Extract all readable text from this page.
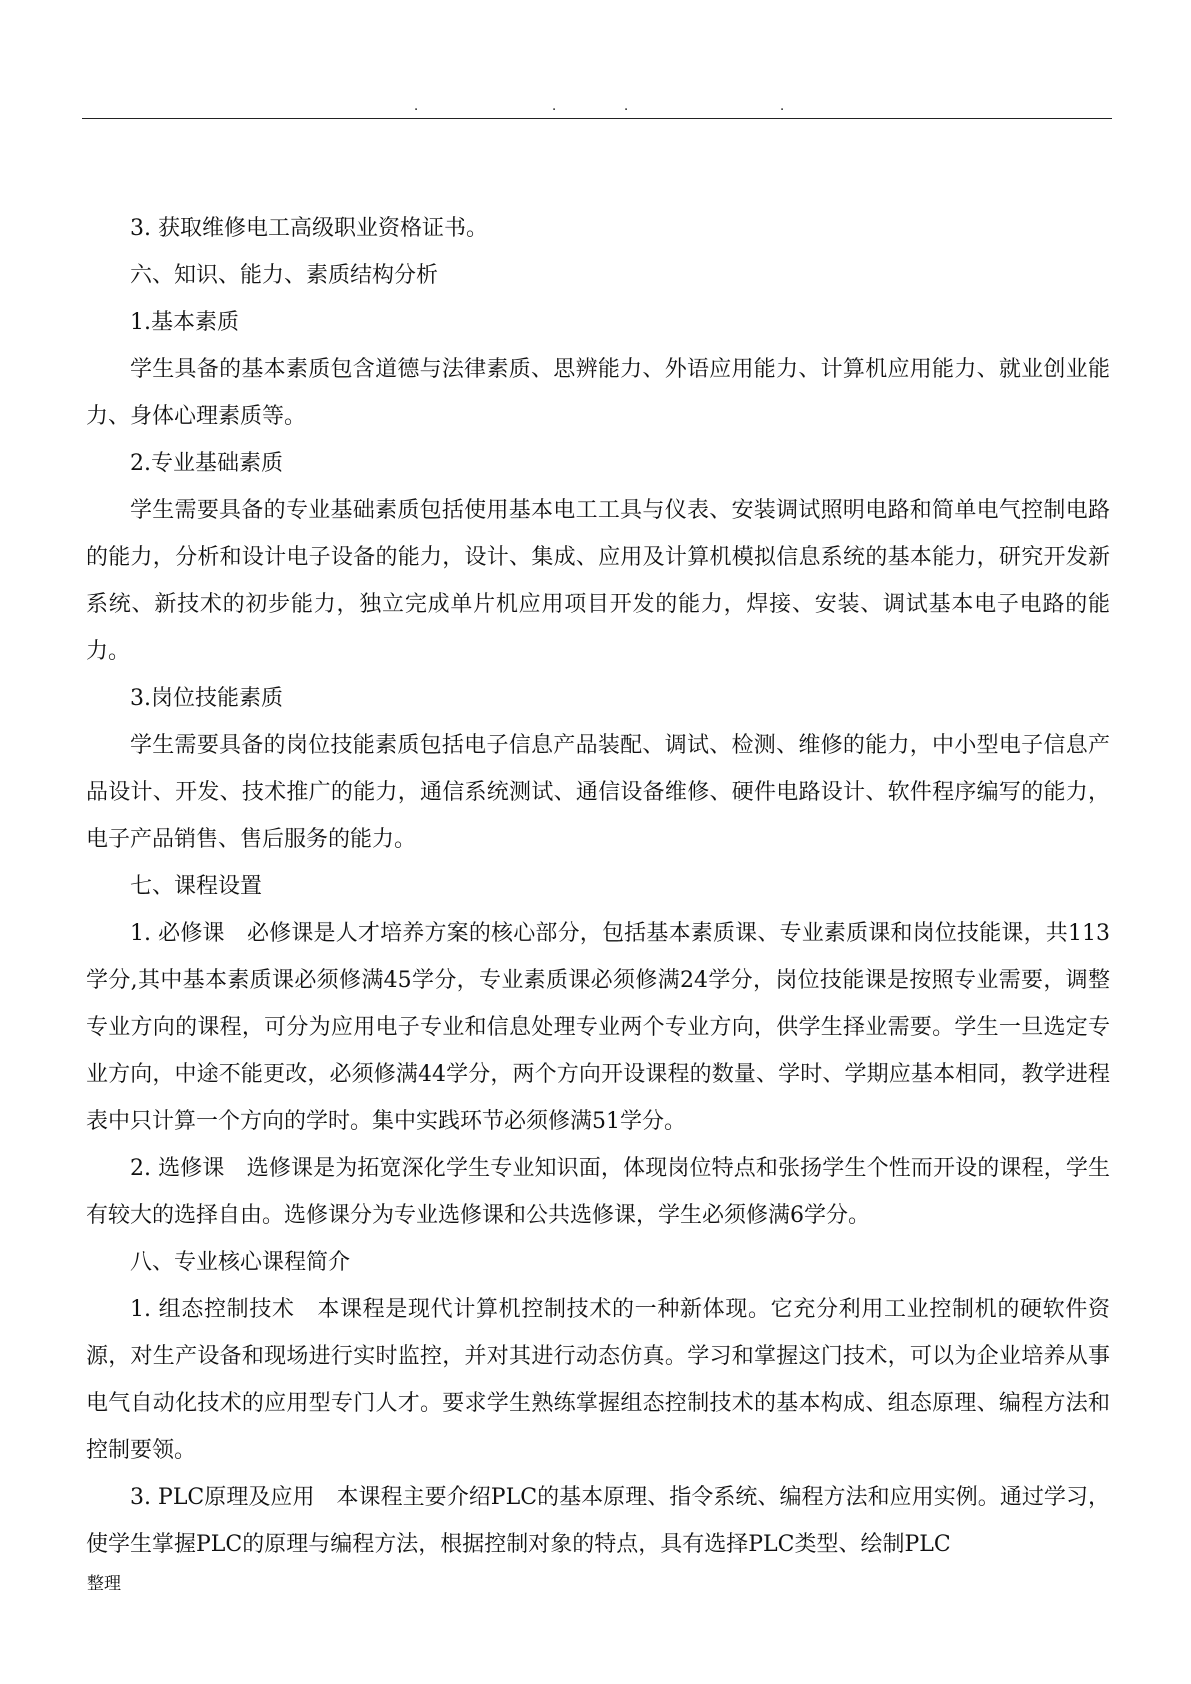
.	.	.	.

3. 获取维修电工高级职业资格证书。

六、知识、能力、素质结构分析

1.基本素质

学生具备的基本素质包含道德与法律素质、思辨能力、外语应用能力、计算机应用能力、就业创业能力、身体心理素质等。

2.专业基础素质

学生需要具备的专业基础素质包括使用基本电工工具与仪表、安装调试照明电路和简单电气控制电路的能力，分析和设计电子设备的能力，设计、集成、应用及计算机模拟信息系统的基本能力，研究开发新系统、新技术的初步能力，独立完成单片机应用项目开发的能力，焊接、安装、调试基本电子电路的能力。

3.岗位技能素质

学生需要具备的岗位技能素质包括电子信息产品装配、调试、检测、维修的能力，中小型电子信息产品设计、开发、技术推广的能力，通信系统测试、通信设备维修、硬件电路设计、软件程序编写的能力，电子产品销售、售后服务的能力。

七、课程设置

1. 必修课　必修课是人才培养方案的核心部分，包括基本素质课、专业素质课和岗位技能课，共113学分,其中基本素质课必须修满45学分，专业素质课必须修满24学分，岗位技能课是按照专业需要，调整专业方向的课程，可分为应用电子专业和信息处理专业两个专业方向，供学生择业需要。学生一旦选定专业方向，中途不能更改，必须修满44学分，两个方向开设课程的数量、学时、学期应基本相同，教学进程表中只计算一个方向的学时。集中实践环节必须修满51学分。

2. 选修课　选修课是为拓宽深化学生专业知识面，体现岗位特点和张扬学生个性而开设的课程，学生有较大的选择自由。选修课分为专业选修课和公共选修课，学生必须修满6学分。

八、专业核心课程简介

1. 组态控制技术　本课程是现代计算机控制技术的一种新体现。它充分利用工业控制机的硬软件资源，对生产设备和现场进行实时监控，并对其进行动态仿真。学习和掌握这门技术，可以为企业培养从事电气自动化技术的应用型专门人才。要求学生熟练掌握组态控制技术的基本构成、组态原理、编程方法和控制要领。

3. PLC原理及应用　本课程主要介绍PLC的基本原理、指令系统、编程方法和应用实例。通过学习，使学生掌握PLC的原理与编程方法，根据控制对象的特点，具有选择PLC类型、绘制PLC

整理
